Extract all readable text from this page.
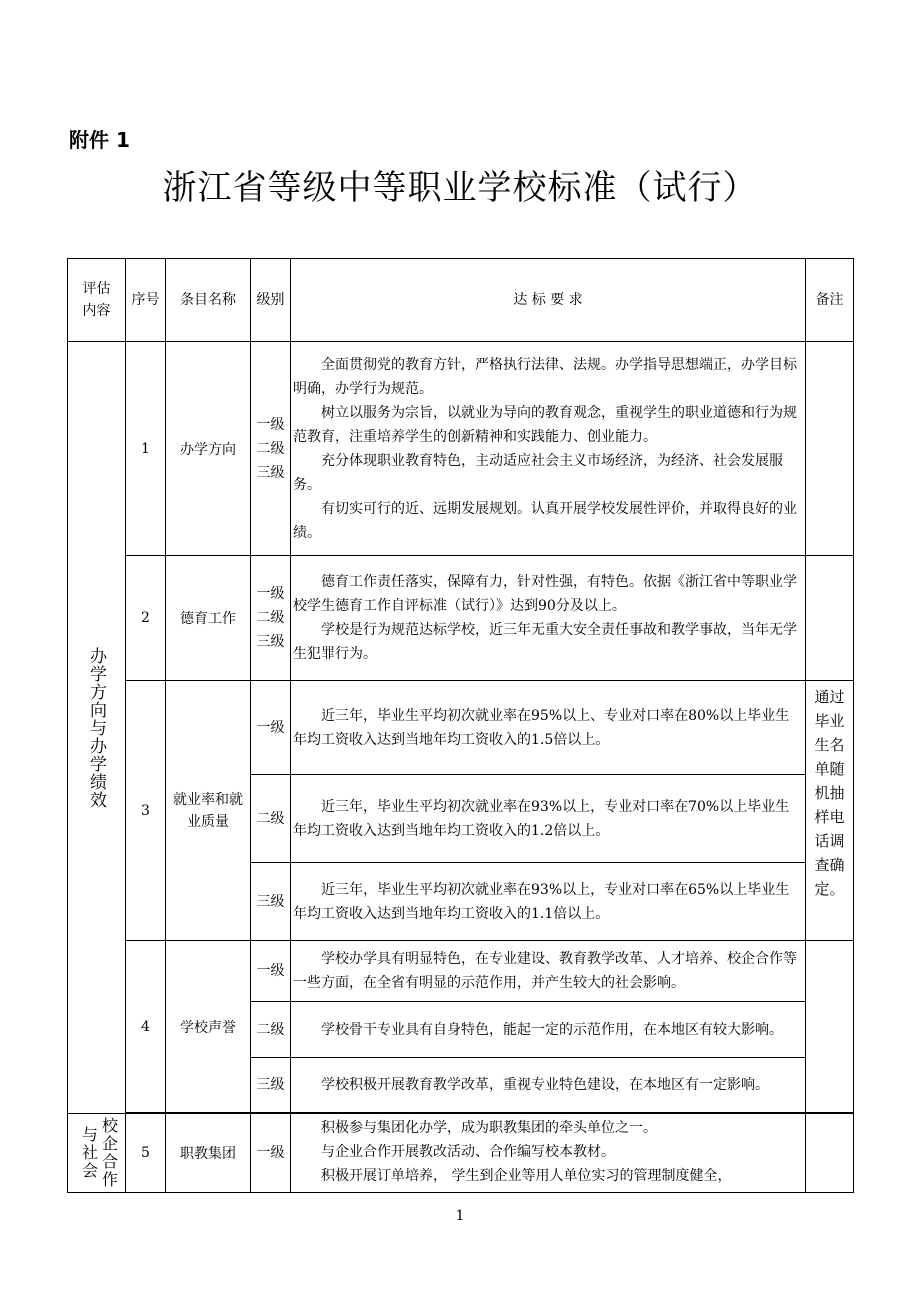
附件 1
浙江省等级中等职业学校标准（试行）
评估内容	序号	条目名称	级别	达 标 要 求	备注

办学方向与办学绩效	1	办学方向	一级二级三级	全面贯彻党的教育方针，严格执行法律、法规。办学指导思想端正，办学目标明确，办学行为规范。

树立以服务为宗旨，以就业为导向的教育观念，重视学生的职业道德和行为规范教育，注重培养学生的创新精神和实践能力、创业能力。

充分体现职业教育特色，主动适应社会主义市场经济，为经济、社会发展服务。

有切实可行的近、远期发展规划。认真开展学校发展性评价，并取得良好的业绩。	

	2	德育工作	一级二级三级	德育工作责任落实，保障有力，针对性强，有特色。依据《浙江省中等职业学校学生德育工作自评标准（试行）》达到90分及以上。

学校是行为规范达标学校，近三年无重大安全责任事故和教学事故，当年无学生犯罪行为。	

	3	就业率和就业质量	一级	近三年，毕业生平均初次就业率在95%以上、专业对口率在80%以上毕业生年均工资收入达到当地年均工资收入的1.5倍以上。	通过毕业生名单随机抽样电话调查确定。

			二级	近三年，毕业生平均初次就业率在93%以上，专业对口率在70%以上毕业生年均工资收入达到当地年均工资收入的1.2倍以上。	

			三级	近三年，毕业生平均初次就业率在93%以上，专业对口率在65%以上毕业生年均工资收入达到当地年均工资收入的1.1倍以上。	

	4	学校声誉	一级	学校办学具有明显特色，在专业建设、教育教学改革、人才培养、校企合作等一些方面，在全省有明显的示范作用，并产生较大的社会影响。	

			二级	学校骨干专业具有自身特色，能起一定的示范作用，在本地区有较大影响。	

			三级	学校积极开展教育教学改革，重视专业特色建设，在本地区有一定影响。	

校企合作与社会	5	职教集团	一级	积极参与集团化办学，成为职教集团的牵头单位之一。

与企业合作开展教改活动、合作编写校本教材。

积极开展订单培养， 学生到企业等用人单位实习的管理制度健全，	

1
